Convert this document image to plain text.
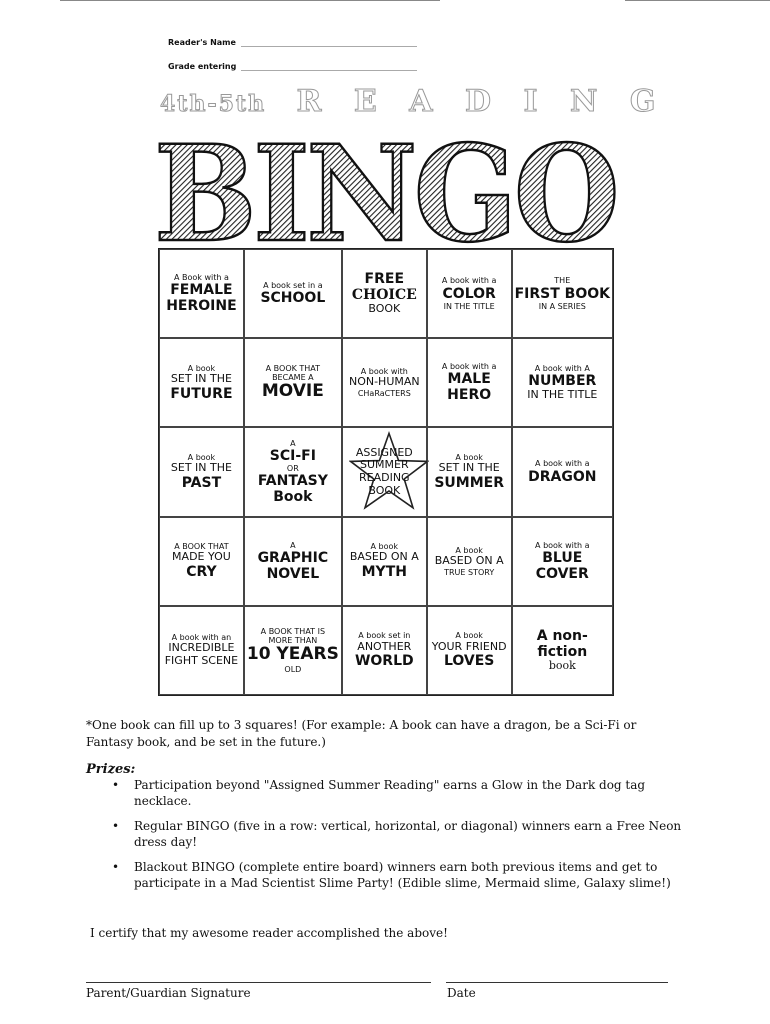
Reader's Name
Grade entering
4th-5th R E A D I N G
BINGO
A Book with a
FEMALE
HEROINE
A book set in a
SCHOOL
FREE
CHOICE
BOOK
A book with a
COLOR
IN THE TITLE
THE
FIRST BOOK
IN A SERIES
A book
SET IN THE
FUTURE
A BOOK THAT
BECAME A
MOVIE
A book with
NON-HUMAN
CHaRaCTERS
A book with a
MALE
HERO
A book with A
NUMBER
IN THE TITLE
A book
SET IN THE
PAST
A
SCI-FI
OR
FANTASY
Book
ASSIGNED
SUMMER
READING
BOOK
A book
SET IN THE
SUMMER
A book with a
DRAGON
A BOOK THAT
MADE YOU
CRY
A
GRAPHIC
NOVEL
A book
BASED ON A
MYTH
A book
BASED ON A
TRUE STORY
A book with a
BLUE
COVER
A book with an
INCREDIBLE
FIGHT SCENE
A BOOK THAT IS
MORE THAN
10 YEARS
OLD
A book set in
ANOTHER
WORLD
A book
YOUR FRIEND
LOVES
A non-
fiction
book
*One book can fill up to 3 squares! (For example: A book can have a dragon, be a Sci-Fi or Fantasy book, and be set in the future.)
Prizes:
• Participation beyond "Assigned Summer Reading" earns a Glow in the Dark dog tag necklace.
• Regular BINGO (five in a row: vertical, horizontal, or diagonal) winners earn a Free Neon dress day!
• Blackout BINGO (complete entire board) winners earn both previous items and get to participate in a Mad Scientist Slime Party! (Edible slime, Mermaid slime, Galaxy slime!)
I certify that my awesome reader accomplished the above!
Parent/Guardian Signature	Date
